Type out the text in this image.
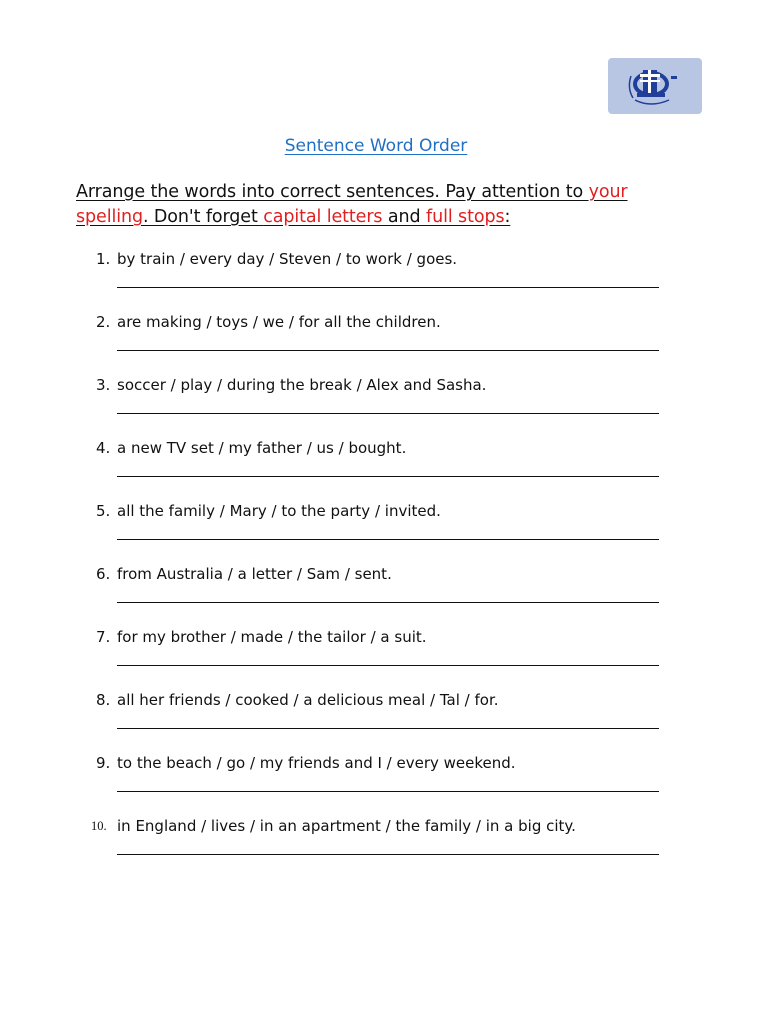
Sentence Word Order
Arrange the words into correct sentences. Pay attention to your spelling. Don't forget capital letters and full stops:
1. by train / every day / Steven / to work / goes.
2. are making / toys / we / for all the children.
3. soccer / play / during the break / Alex and Sasha.
4. a new TV set / my father / us / bought.
5. all the family / Mary / to the party / invited.
6. from Australia / a letter / Sam / sent.
7. for my brother / made / the tailor / a suit.
8. all her friends / cooked / a delicious meal / Tal / for.
9. to the beach / go / my friends and I / every weekend.
10. in England / lives / in an apartment / the family / in a big city.
